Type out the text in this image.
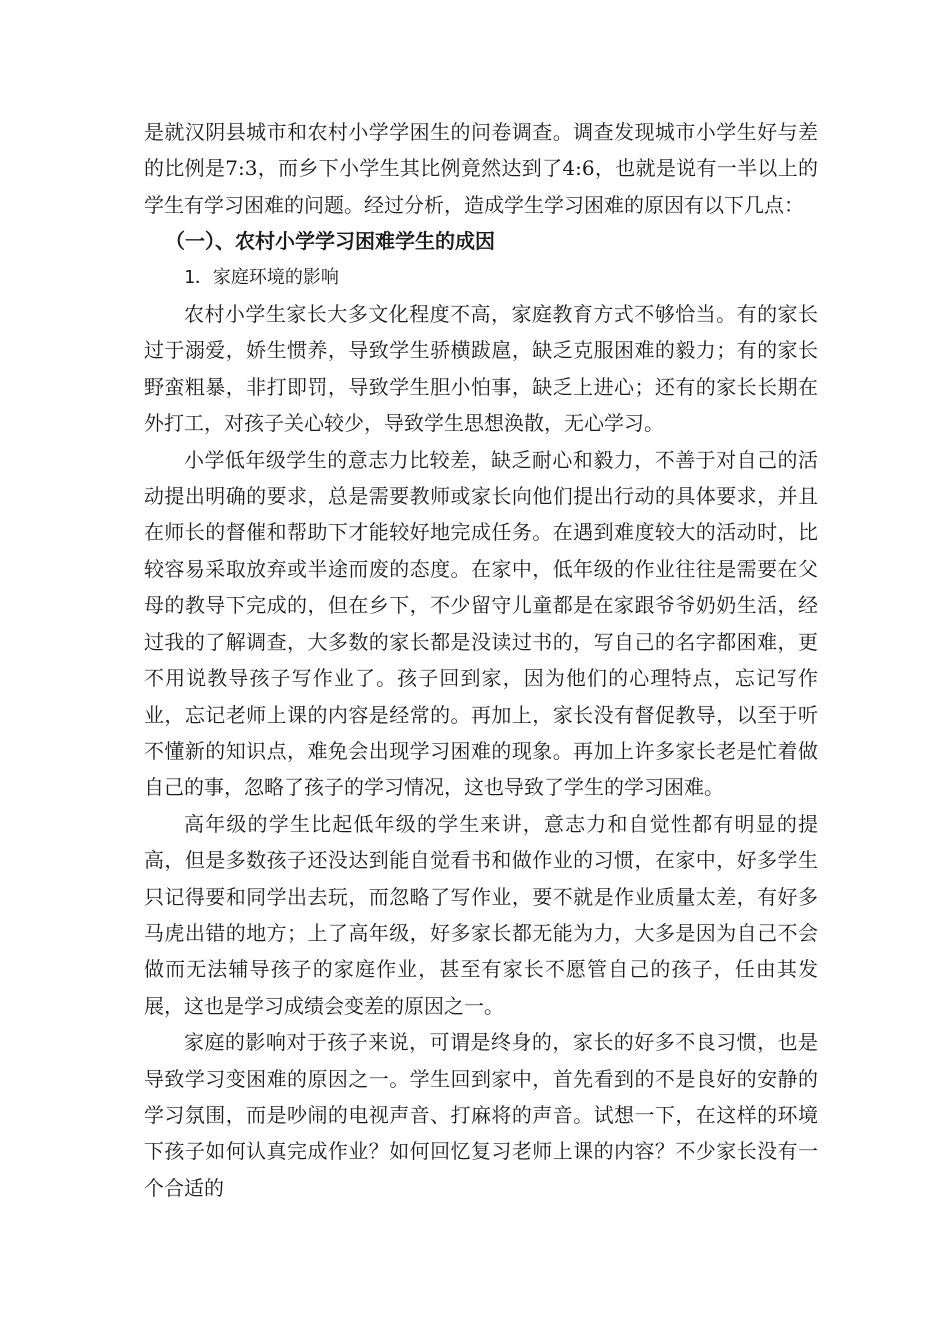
是就汉阴县城市和农村小学学困生的问卷调查。调查发现城市小学生好与差的比例是7:3，而乡下小学生其比例竟然达到了4:6，也就是说有一半以上的学生有学习困难的问题。经过分析，造成学生学习困难的原因有以下几点：

（一）、农村小学学习困难学生的成因

1．家庭环境的影响

农村小学生家长大多文化程度不高，家庭教育方式不够恰当。有的家长过于溺爱，娇生惯养，导致学生骄横跋扈，缺乏克服困难的毅力；有的家长野蛮粗暴，非打即罚，导致学生胆小怕事，缺乏上进心；还有的家长长期在外打工，对孩子关心较少，导致学生思想涣散，无心学习。

小学低年级学生的意志力比较差，缺乏耐心和毅力，不善于对自己的活动提出明确的要求，总是需要教师或家长向他们提出行动的具体要求，并且在师长的督催和帮助下才能较好地完成任务。在遇到难度较大的活动时，比较容易采取放弃或半途而废的态度。在家中，低年级的作业往往是需要在父母的教导下完成的，但在乡下，不少留守儿童都是在家跟爷爷奶奶生活，经过我的了解调查，大多数的家长都是没读过书的，写自己的名字都困难，更不用说教导孩子写作业了。孩子回到家，因为他们的心理特点，忘记写作业，忘记老师上课的内容是经常的。再加上，家长没有督促教导，以至于听不懂新的知识点，难免会出现学习困难的现象。再加上许多家长老是忙着做自己的事，忽略了孩子的学习情况，这也导致了学生的学习困难。

高年级的学生比起低年级的学生来讲，意志力和自觉性都有明显的提高，但是多数孩子还没达到能自觉看书和做作业的习惯，在家中，好多学生只记得要和同学出去玩，而忽略了写作业，要不就是作业质量太差，有好多马虎出错的地方；上了高年级，好多家长都无能为力，大多是因为自己不会做而无法辅导孩子的家庭作业，甚至有家长不愿管自己的孩子，任由其发展，这也是学习成绩会变差的原因之一。

家庭的影响对于孩子来说，可谓是终身的，家长的好多不良习惯，也是导致学习变困难的原因之一。学生回到家中，首先看到的不是良好的安静的学习氛围，而是吵闹的电视声音、打麻将的声音。试想一下，在这样的环境下孩子如何认真完成作业？如何回忆复习老师上课的内容？不少家长没有一个合适的
